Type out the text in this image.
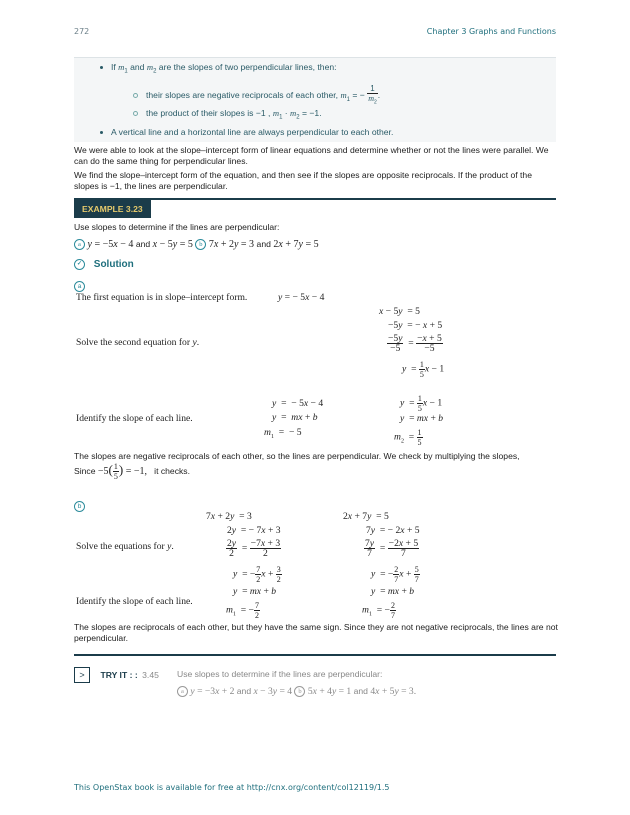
272	Chapter 3 Graphs and Functions
If $m_1$ and $m_2$ are the slopes of two perpendicular lines, then:
their slopes are negative reciprocals of each other, $m_1$ = − $\frac{1}{m_2}$ .
the product of their slopes is −1 , $m_1 \cdot m_2 = -1$.
A vertical line and a horizontal line are always perpendicular to each other.
We were able to look at the slope–intercept form of linear equations and determine whether or not the lines were parallel. We can do the same thing for perpendicular lines.
We find the slope–intercept form of the equation, and then see if the slopes are opposite reciprocals. If the product of the slopes is −1, the lines are perpendicular.
EXAMPLE 3.23
Use slopes to determine if the lines are perpendicular:
a y = −5x − 4 and x − 5y = 5 b 7x + 2y = 3 and 2x + 7y = 5
✓ Solution
a
The first equation is in slope–intercept form.	y = − 5x − 4
Solve the second equation for y.
x − 5y  = 5
−5y  = − x + 5
$\frac{-5y}{-5} = \frac{-x + 5}{-5}$
$y = \frac{1}{5}$ x − 1
Identify the slope of each line.
y  =  − 5x − 4
y  =  mx + b
$m_1$  =  − 5
$y = \frac{1}{5}$ x − 1
y  = mx + b
$m_2 = \frac{1}{5}$
The slopes are negative reciprocals of each other, so the lines are perpendicular. We check by multiplying the slopes,
Since $-5( \frac{1}{5}$ ) = −1,   it checks.
b
7x + 2y  = 3
2y  = − 7x + 3
$\frac{2y}{2} = \frac{-7x + 3}{2}$
y  = − $\frac{7}{2}$ $x + \frac{3}{2}$
y  = mx + b
$m_1$  = − $\frac{7}{2}$
2x + 7y  = 5
7y  = − 2x + 5
$\frac{7y}{7} = \frac{-2x + 5}{7}$
y  = − $\frac{2}{7}$ $x + \frac{5}{7}$
y  = mx + b
$m_1$  = − $\frac{2}{7}$
Solve the equations for y.
Identify the slope of each line.
The slopes are reciprocals of each other, but they have the same sign. Since they are not negative reciprocals, the lines are not perpendicular.
> TRY IT : : 3.45 Use slopes to determine if the lines are perpendicular:
a y = −3x + 2 and x − 3y = 4 b 5x + 4y = 1 and 4x + 5y = 3.
This OpenStax book is available for free at http://cnx.org/content/col12119/1.5
